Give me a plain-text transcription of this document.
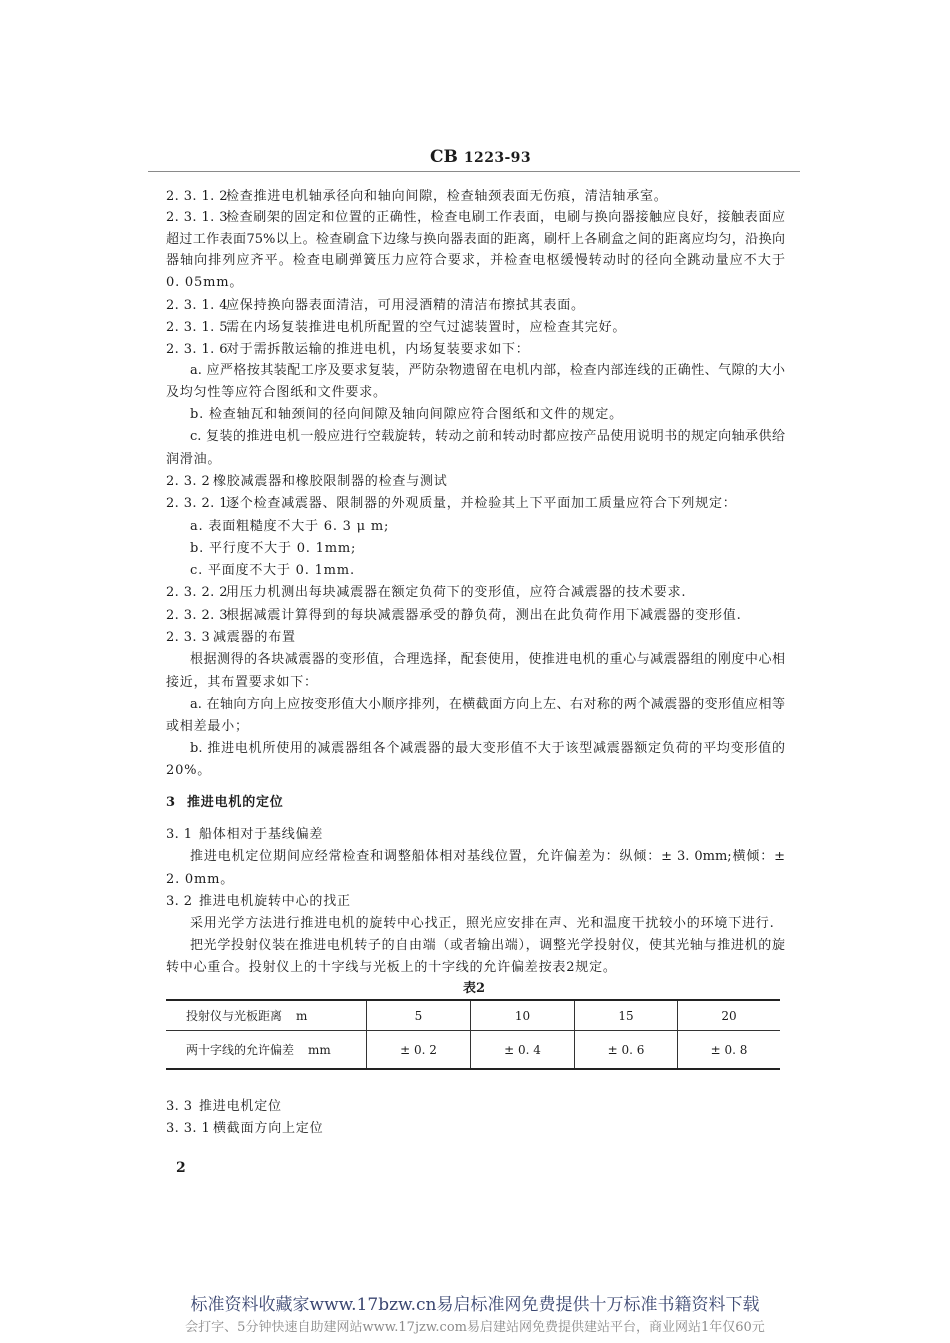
CB 1223-93
2. 3. 1. 2检查推进电机轴承径向和轴向间隙，检查轴颈表面无伤痕，清洁轴承室。
2. 3. 1. 3检查刷架的固定和位置的正确性，检查电刷工作表面，电刷与换向器接触应良好，接触表面应
超过工作表面75%以上。检查刷盒下边缘与换向器表面的距离，刷杆上各刷盒之间的距离应均匀，沿换向
器轴向排列应齐平。检查电刷弹簧压力应符合要求，并检查电枢缓慢转动时的径向全跳动量应不大于
0. 05mm。
2. 3. 1. 4应保持换向器表面清洁，可用浸酒精的清洁布擦拭其表面。
2. 3. 1. 5需在内场复装推进电机所配置的空气过滤装置时，应检查其完好。
2. 3. 1. 6对于需拆散运输的推进电机，内场复装要求如下：
a. 应严格按其装配工序及要求复装，严防杂物遗留在电机内部，检查内部连线的正确性、气隙的大小
及均匀性等应符合图纸和文件要求。
b. 检查轴瓦和轴颈间的径向间隙及轴向间隙应符合图纸和文件的规定。
c. 复装的推进电机一般应进行空载旋转，转动之前和转动时都应按产品使用说明书的规定向轴承供给
润滑油。
2. 3. 2 橡胶减震器和橡胶限制器的检查与测试
2. 3. 2. 1逐个检查减震器、限制器的外观质量，并检验其上下平面加工质量应符合下列规定：
a. 表面粗糙度不大于 6. 3 μ m;
b. 平行度不大于 0. 1mm;
c. 平面度不大于 0. 1mm.
2. 3. 2. 2用压力机测出每块减震器在额定负荷下的变形值，应符合减震器的技术要求.
2. 3. 2. 3根据减震计算得到的每块减震器承受的静负荷，测出在此负荷作用下减震器的变形值.
2. 3. 3 减震器的布置
根据测得的各块减震器的变形值，合理选择，配套使用，使推进电机的重心与减震器组的刚度中心相
接近，其布置要求如下：
a. 在轴向方向上应按变形值大小顺序排列，在横截面方向上左、右对称的两个减震器的变形值应相等
或相差最小；
b. 推进电机所使用的减震器组各个减震器的最大变形值不大于该型减震器额定负荷的平均变形值的
20%。
3 推进电机的定位
3. 1 船体相对于基线偏差
推进电机定位期间应经常检查和调整船体相对基线位置，允许偏差为：纵倾：± 3. 0mm;横倾：±
2. 0mm。
3. 2 推进电机旋转中心的找正
采用光学方法进行推进电机的旋转中心找正，照光应安排在声、光和温度干扰较小的环境下进行.
把光学投射仪装在推进电机转子的自由端（或者输出端），调整光学投射仪，使其光轴与推进机的旋
转中心重合。投射仪上的十字线与光板上的十字线的允许偏差按表2规定。
表2
投射仪与光板距离 m	5	10	15	20
两十字线的允许偏差 mm	± 0. 2	± 0. 4	± 0. 6	± 0. 8
3. 3 推进电机定位
3. 3. 1 横截面方向上定位
2
标准资料收藏家www.17bzw.cn易启标准网免费提供十万标准书籍资料下载
会打字、5分钟快速自助建网站www.17jzw.com易启建站网免费提供建站平台，商业网站1年仅60元
